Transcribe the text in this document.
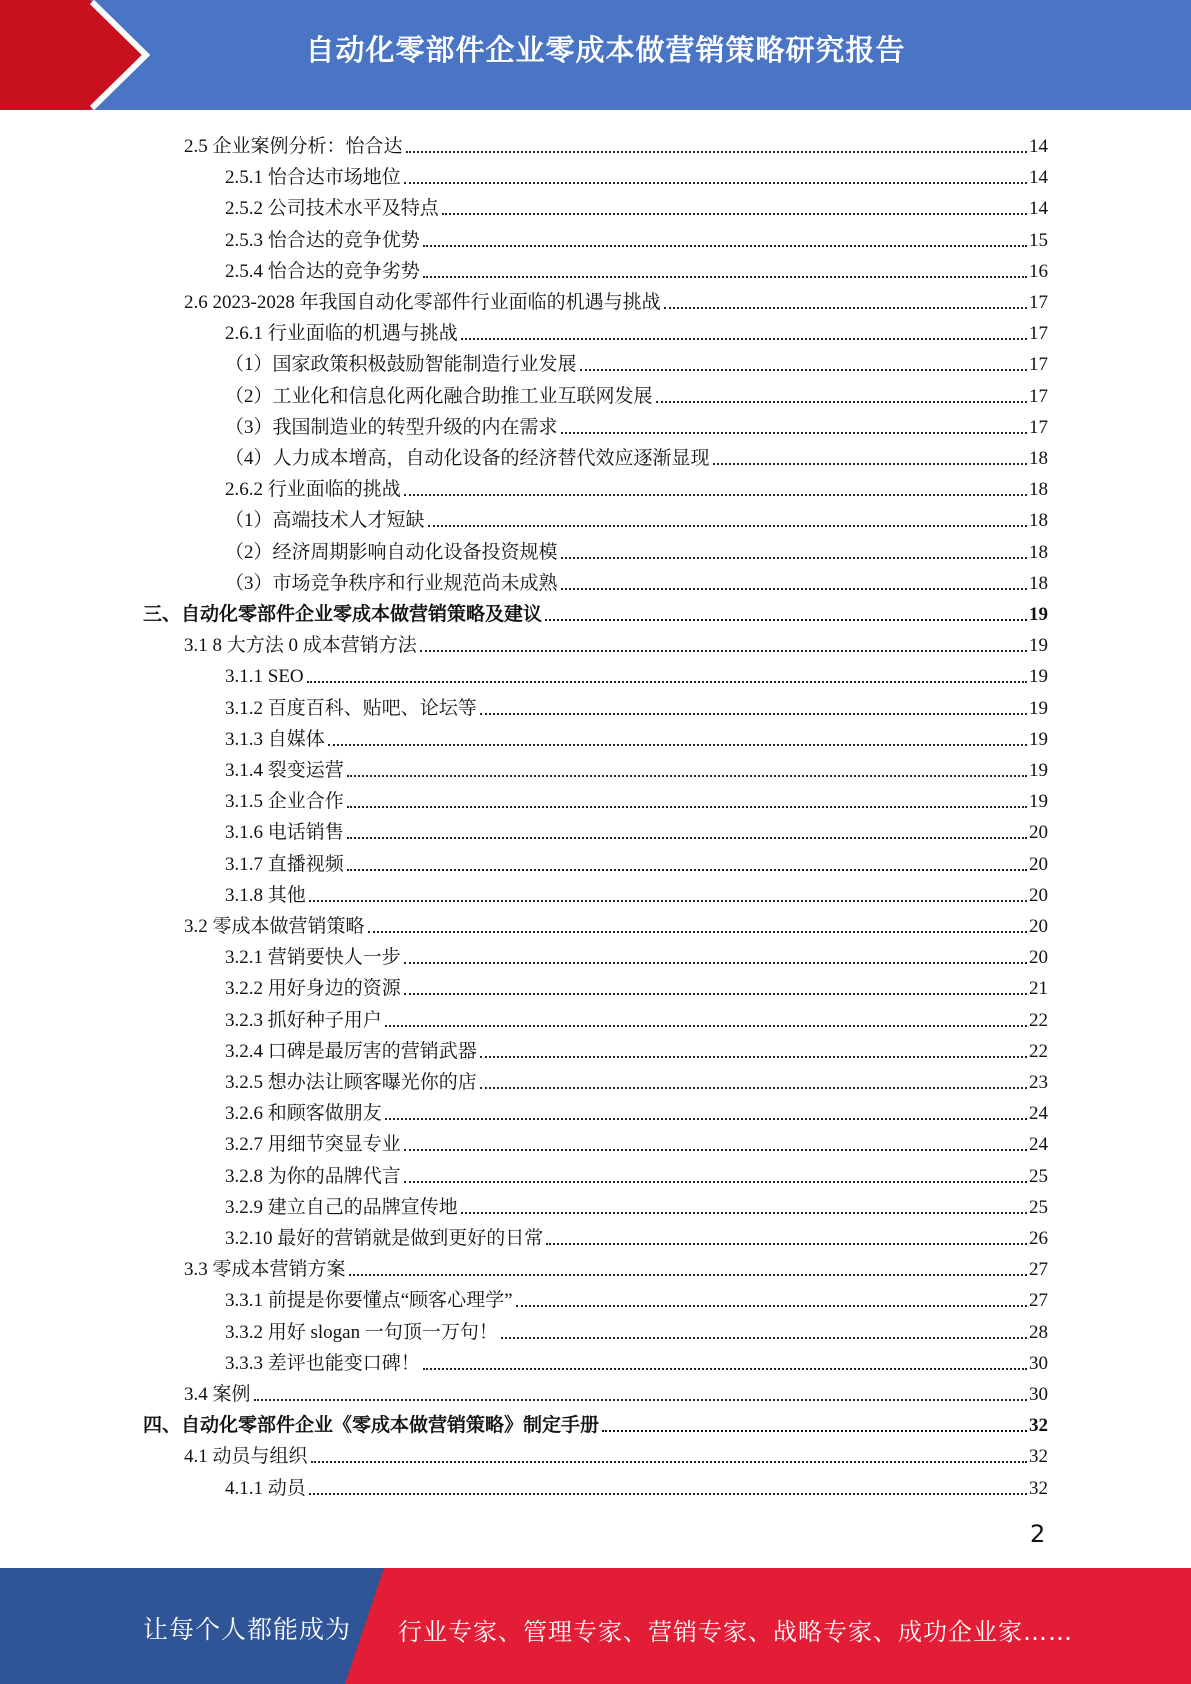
自动化零部件企业零成本做营销策略研究报告
2.5 企业案例分析：怡合达	14
2.5.1 怡合达市场地位	14
2.5.2 公司技术水平及特点	14
2.5.3 怡合达的竞争优势	15
2.5.4 怡合达的竞争劣势	16
2.6 2023-2028 年我国自动化零部件行业面临的机遇与挑战	17
2.6.1 行业面临的机遇与挑战	17
（1）国家政策积极鼓励智能制造行业发展	17
（2）工业化和信息化两化融合助推工业互联网发展	17
（3）我国制造业的转型升级的内在需求	17
（4）人力成本增高，自动化设备的经济替代效应逐渐显现	18
2.6.2 行业面临的挑战	18
（1）高端技术人才短缺	18
（2）经济周期影响自动化设备投资规模	18
（3）市场竞争秩序和行业规范尚未成熟	18
三、自动化零部件企业零成本做营销策略及建议	19
3.1 8 大方法 0 成本营销方法	19
3.1.1 SEO	19
3.1.2 百度百科、贴吧、论坛等	19
3.1.3 自媒体	19
3.1.4 裂变运营	19
3.1.5 企业合作	19
3.1.6 电话销售	20
3.1.7 直播视频	20
3.1.8 其他	20
3.2 零成本做营销策略	20
3.2.1 营销要快人一步	20
3.2.2 用好身边的资源	21
3.2.3 抓好种子用户	22
3.2.4 口碑是最厉害的营销武器	22
3.2.5 想办法让顾客曝光你的店	23
3.2.6 和顾客做朋友	24
3.2.7 用细节突显专业	24
3.2.8 为你的品牌代言	25
3.2.9 建立自己的品牌宣传地	25
3.2.10 最好的营销就是做到更好的日常	26
3.3 零成本营销方案	27
3.3.1 前提是你要懂点“顾客心理学”	27
3.3.2 用好 slogan 一句顶一万句！	28
3.3.3 差评也能变口碑！	30
3.4 案例	30
四、自动化零部件企业《零成本做营销策略》制定手册	32
4.1 动员与组织	32
4.1.1 动员	32
2
让每个人都能成为 行业专家、管理专家、营销专家、战略专家、成功企业家……
